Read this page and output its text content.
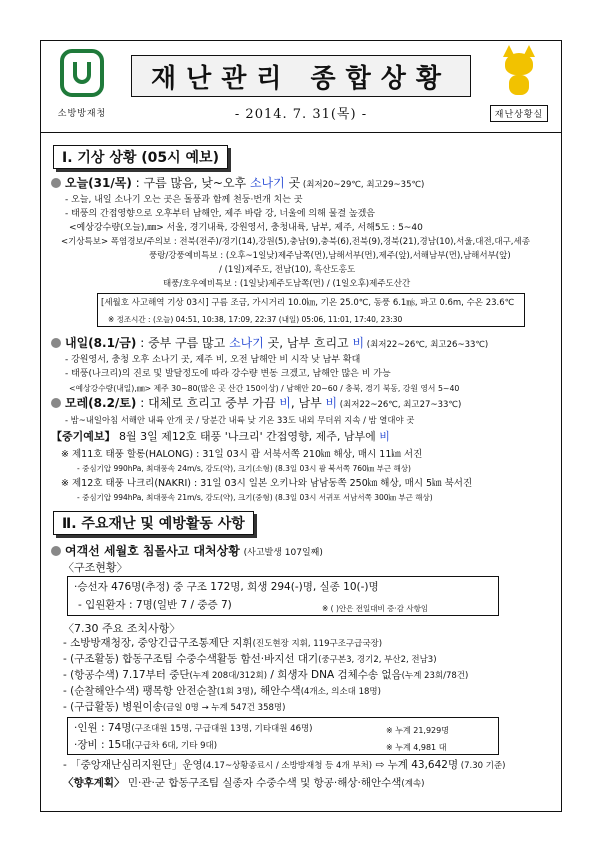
소방방재청
재난관리 종합상황
- 2014. 7. 31(목) -	재난상황실
Ⅰ. 기상 상황 (05시 예보)
오늘(31/목) : 구름 많음, 낮~오후 소나기 곳 (최저20~29℃, 최고29~35℃)
- 오늘, 내일 소나기 오는 곳은 돌풍과 함께 천둥·번개 치는 곳
- 태풍의 간접영향으로 오후부터 남해안, 제주 바람 강, 너울에 의해 물결 높겠음
<예상강수량(오늘),㎜> 서울, 경기내륙, 강원영서, 충청내륙, 남부, 제주, 서해5도 : 5~40
<기상특보> 폭염경보/주의보 : 전북(전주)/경기(14),강원(5),충남(9),충북(6),전북(9),경북(21),경남(10),서울,대전,대구,세종
풍랑/강풍예비특보 : (오후~1일낮)제주남쪽(먼),남해서부(먼),제주(앞),서해남부(먼),남해서부(앞)
/ (1일)제주도, 전남(10), 흑산도홍도
태풍/호우예비특보 : (1일낮)제주도남쪽(먼) / (1일오후)제주도산간
[세월호 사고해역 기상 03시] 구름 조금, 가시거리 10.0㎞, 기온 25.0℃, 동풍 6.1㎧, 파고 0.6m, 수온 23.6℃
※ 정조시간 : (오늘) 04:51, 10:38, 17:09, 22:37 (내일) 05:06, 11:01, 17:40, 23:30
내일(8.1/금) : 중부 구름 많고 소나기 곳, 남부 흐리고 비 (최저22~26℃, 최고26~33℃)
- 강원영서, 충청 오후 소나기 곳, 제주 비, 오전 남해안 비 시작 낮 남부 확대
- 태풍(나크리)의 진로 및 발달정도에 따라 강수량 변동 크겠고, 남해안 많은 비 가능
<예상강수량(내일),㎜> 제주 30~80(많은 곳 산간 150이상) / 남해안 20~60 / 충북, 경기 북동, 강원 영서 5~40
모레(8.2/토) : 대체로 흐리고 중부 가끔 비, 남부 비 (최저22~26℃, 최고27~33℃)
- 밤~내일아침 서해안 내륙 안개 곳 / 당분간 내륙 낮 기온 33도 내외 무더위 지속 / 밤 열대야 곳
【중기예보】 8월 3일 제12호 태풍 '나크리' 간접영향, 제주, 남부에 비
※ 제11호 태풍 할롱(HALONG) : 31일 03시 괌 서북서쪽 210㎞ 해상, 매시 11㎞ 서진
- 중심기압 990hPa, 최대풍속 24m/s, 강도(약), 크기(소형) (8.3일 03시 괌 북서쪽 760㎞ 부근 해상)
※ 제12호 태풍 나크리(NAKRI) : 31일 03시 일본 오키나와 남남동쪽 250㎞ 해상, 매시 5㎞ 북서진
- 중심기압 994hPa, 최대풍속 21m/s, 강도(약), 크기(중형) (8.3일 03시 서귀포 서남서쪽 300㎞ 부근 해상)
Ⅱ. 주요재난 및 예방활동 사항
여객선 세월호 침몰사고 대처상황 (사고발생 107일째)
〈구조현황〉
·승선자 476명(추정) 중 구조 172명, 희생 294(-)명, 실종 10(-)명
- 입원환자 : 7명(일반 7 / 중증 7)	※ ( )안은 전일대비 증·감 사항임
〈7.30 주요 조치사항〉
- 소방방재청장, 중앙긴급구조통제단 지휘(진도현장 지휘, 119구조구급국장)
- (구조활동) 합동구조팀 수중수색활동 함선·바지선 대기(중구본3, 경기2, 부산2, 전남3)
- (항공수색) 7.17부터 중단(누계 208대/312회) / 희생자 DNA 검체수송 없음(누계 23회/78건)
- (순찰해안수색) 팽목항 안전순찰(1회 3명), 해안수색(4개소, 의소대 18명)
- (구급활동) 병원이송(금일 0명 → 누계 547건 358명)
·인원 : 74명(구조대원 15명, 구급대원 13명, 기타대원 46명)	※ 누계 21,929명
·장비 : 15대(구급차 6대, 기타 9대)	※ 누계 4,981 대
- 「중앙재난심리지원단」운영(4.17~상황종료시 / 소방방재청 등 4개 부처) ⇨ 누계 43,642명 (7.30 기준)
〈향후계획〉 민·관·군 합동구조팀 실종자 수중수색 및 항공·해상·해안수색(계속)
